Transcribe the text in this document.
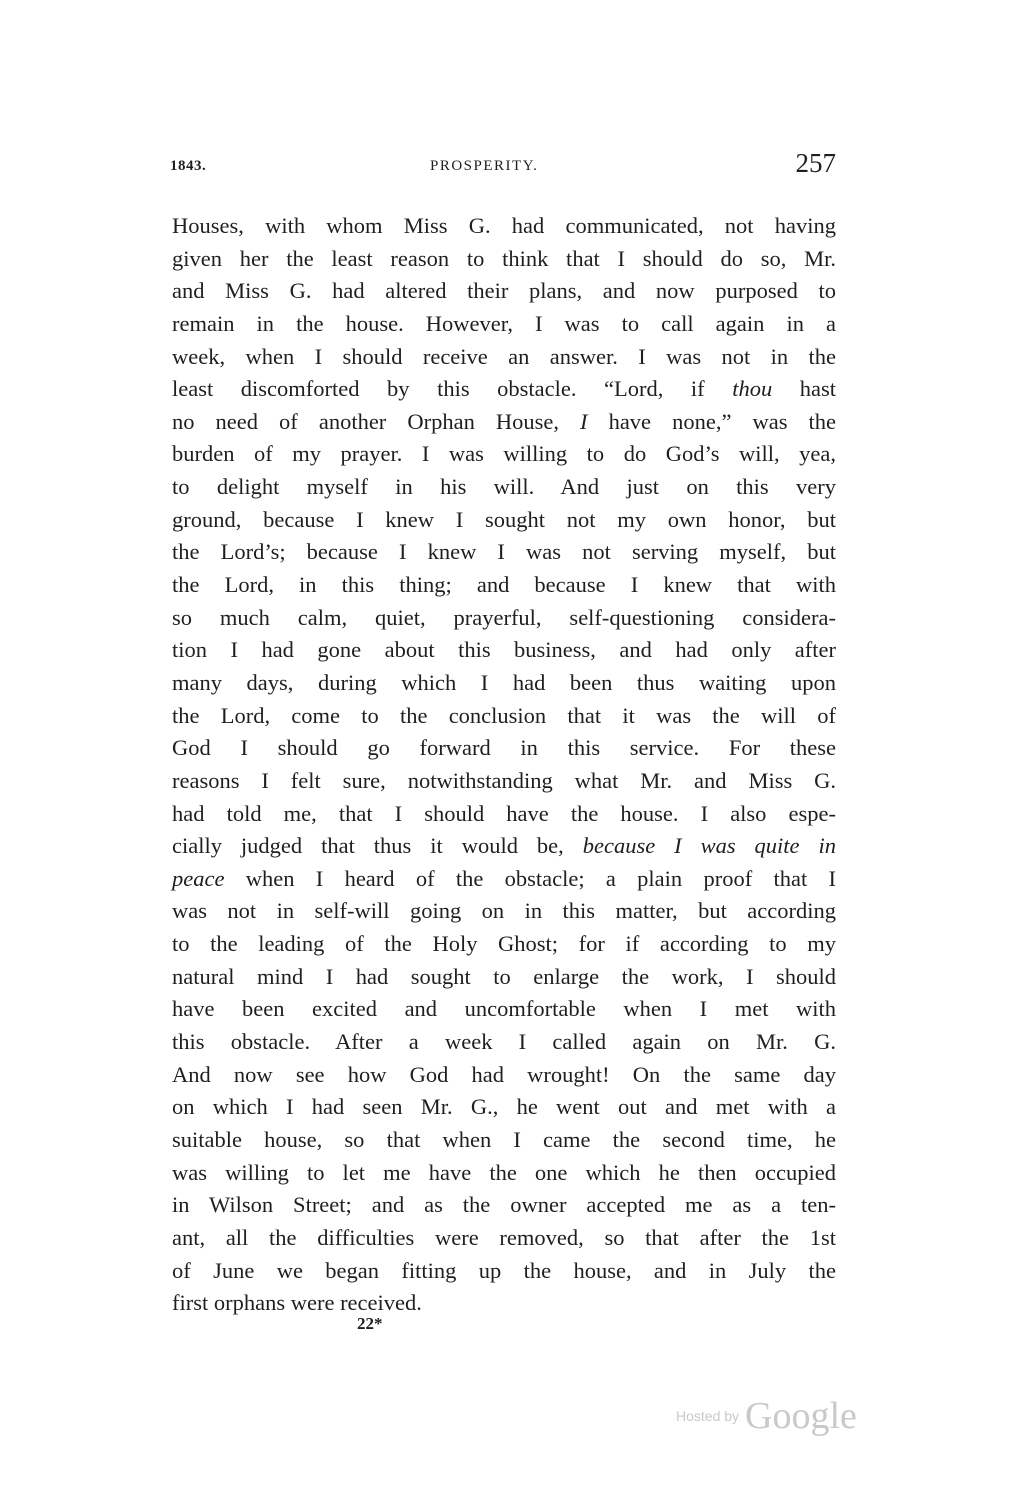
1843.	PROSPERITY.	257
Houses, with whom Miss G. had communicated, not having
given her the least reason to think that I should do so, Mr.
and Miss G. had altered their plans, and now purposed to
remain in the house. However, I was to call again in a
week, when I should receive an answer. I was not in the
least discomforted by this obstacle. “Lord, if thou hast
no need of another Orphan House, I have none,” was the
burden of my prayer. I was willing to do God’s will, yea,
to delight myself in his will. And just on this very
ground, because I knew I sought not my own honor, but
the Lord’s; because I knew I was not serving myself, but
the Lord, in this thing; and because I knew that with
so much calm, quiet, prayerful, self-questioning considera-
tion I had gone about this business, and had only after
many days, during which I had been thus waiting upon
the Lord, come to the conclusion that it was the will of
God I should go forward in this service. For these
reasons I felt sure, notwithstanding what Mr. and Miss G.
had told me, that I should have the house. I also espe-
cially judged that thus it would be, because I was quite in
peace when I heard of the obstacle; a plain proof that I
was not in self-will going on in this matter, but according
to the leading of the Holy Ghost; for if according to my
natural mind I had sought to enlarge the work, I should
have been excited and uncomfortable when I met with
this obstacle. After a week I called again on Mr. G.
And now see how God had wrought! On the same day
on which I had seen Mr. G., he went out and met with a
suitable house, so that when I came the second time, he
was willing to let me have the one which he then occupied
in Wilson Street; and as the owner accepted me as a ten-
ant, all the difficulties were removed, so that after the 1st
of June we began fitting up the house, and in July the
first orphans were received.
22*
Hosted by Google
